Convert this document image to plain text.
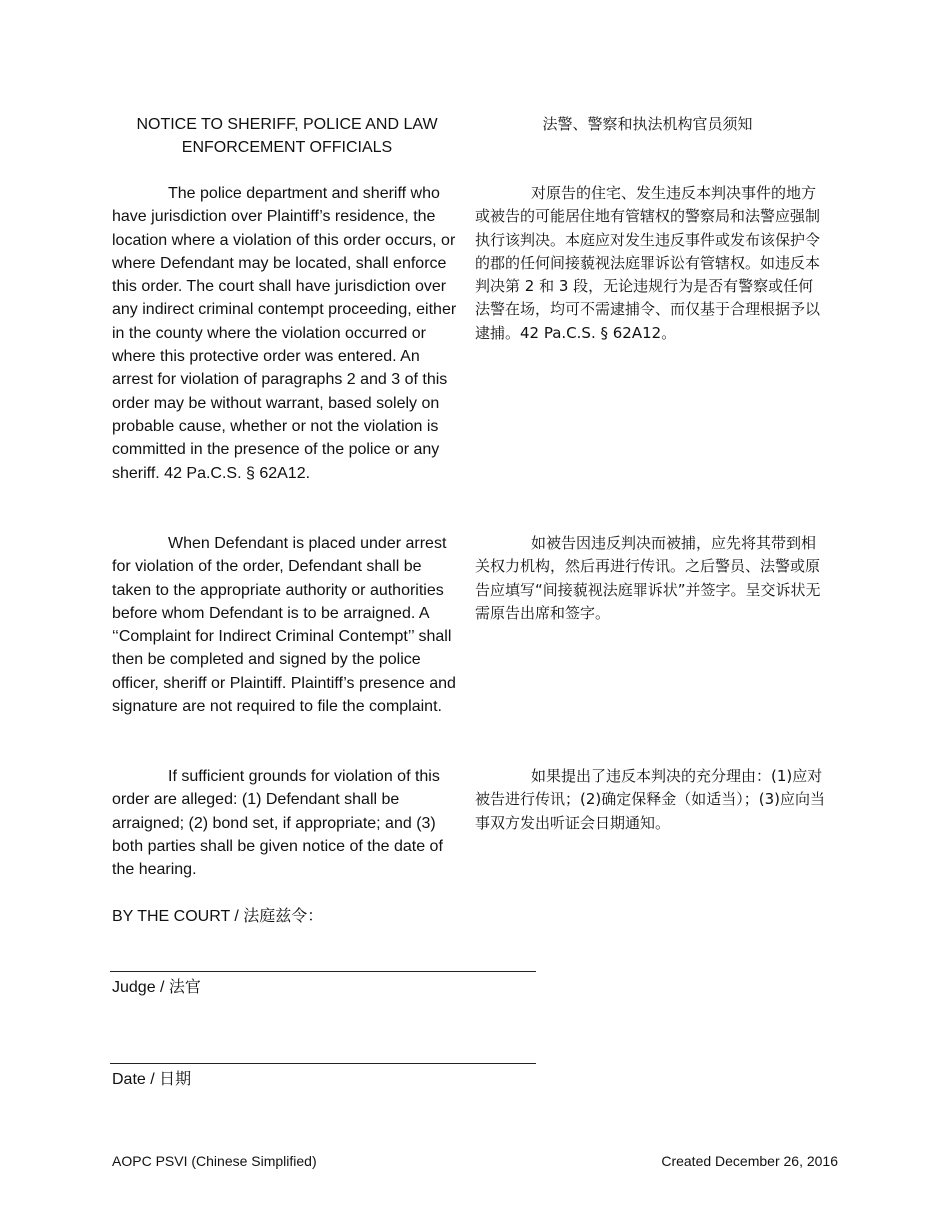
NOTICE TO SHERIFF, POLICE AND LAW ENFORCEMENT OFFICIALS
法警、警察和执法机构官员须知

The police department and sheriff who have jurisdiction over Plaintiff’s residence, the location where a violation of this order occurs, or where Defendant may be located, shall enforce this order. The court shall have jurisdiction over any indirect criminal contempt proceeding, either in the county where the violation occurred or where this protective order was entered. An arrest for violation of paragraphs 2 and 3 of this order may be without warrant, based solely on probable cause, whether or not the violation is committed in the presence of the police or any sheriff. 42 Pa.C.S. § 62A12.

对原告的住宅、发生违反本判决事件的地方或被告的可能居住地有管辖权的警察局和法警应强制执行该判决。本庭应对发生违反事件或发布该保护令的郡的任何间接藐视法庭罪诉讼有管辖权。如违反本判决第 2 和 3 段，无论违规行为是否有警察或任何法警在场，均可不需逮捕令、而仅基于合理根据予以逮捕。42 Pa.C.S. § 62A12。

When Defendant is placed under arrest for violation of the order, Defendant shall be taken to the appropriate authority or authorities before whom Defendant is to be arraigned. A ‘‘Complaint for Indirect Criminal Contempt’’ shall then be completed and signed by the police officer, sheriff or Plaintiff. Plaintiff’s presence and signature are not required to file the complaint.

如被告因违反判决而被捕，应先将其带到相关权力机构，然后再进行传讯。之后警员、法警或原告应填写“间接藐视法庭罪诉状”并签字。呈交诉状无需原告出席和签字。

If sufficient grounds for violation of this order are alleged: (1) Defendant shall be arraigned; (2) bond set, if appropriate; and (3) both parties shall be given notice of the date of the hearing.

如果提出了违反本判决的充分理由：(1)应对被告进行传讯；(2)确定保释金（如适当）；(3)应向当事双方发出听证会日期通知。

BY THE COURT / 法庭兹令：
Judge / 法官
Date / 日期
AOPC PSVI (Chinese Simplified)	Created December 26, 2016
